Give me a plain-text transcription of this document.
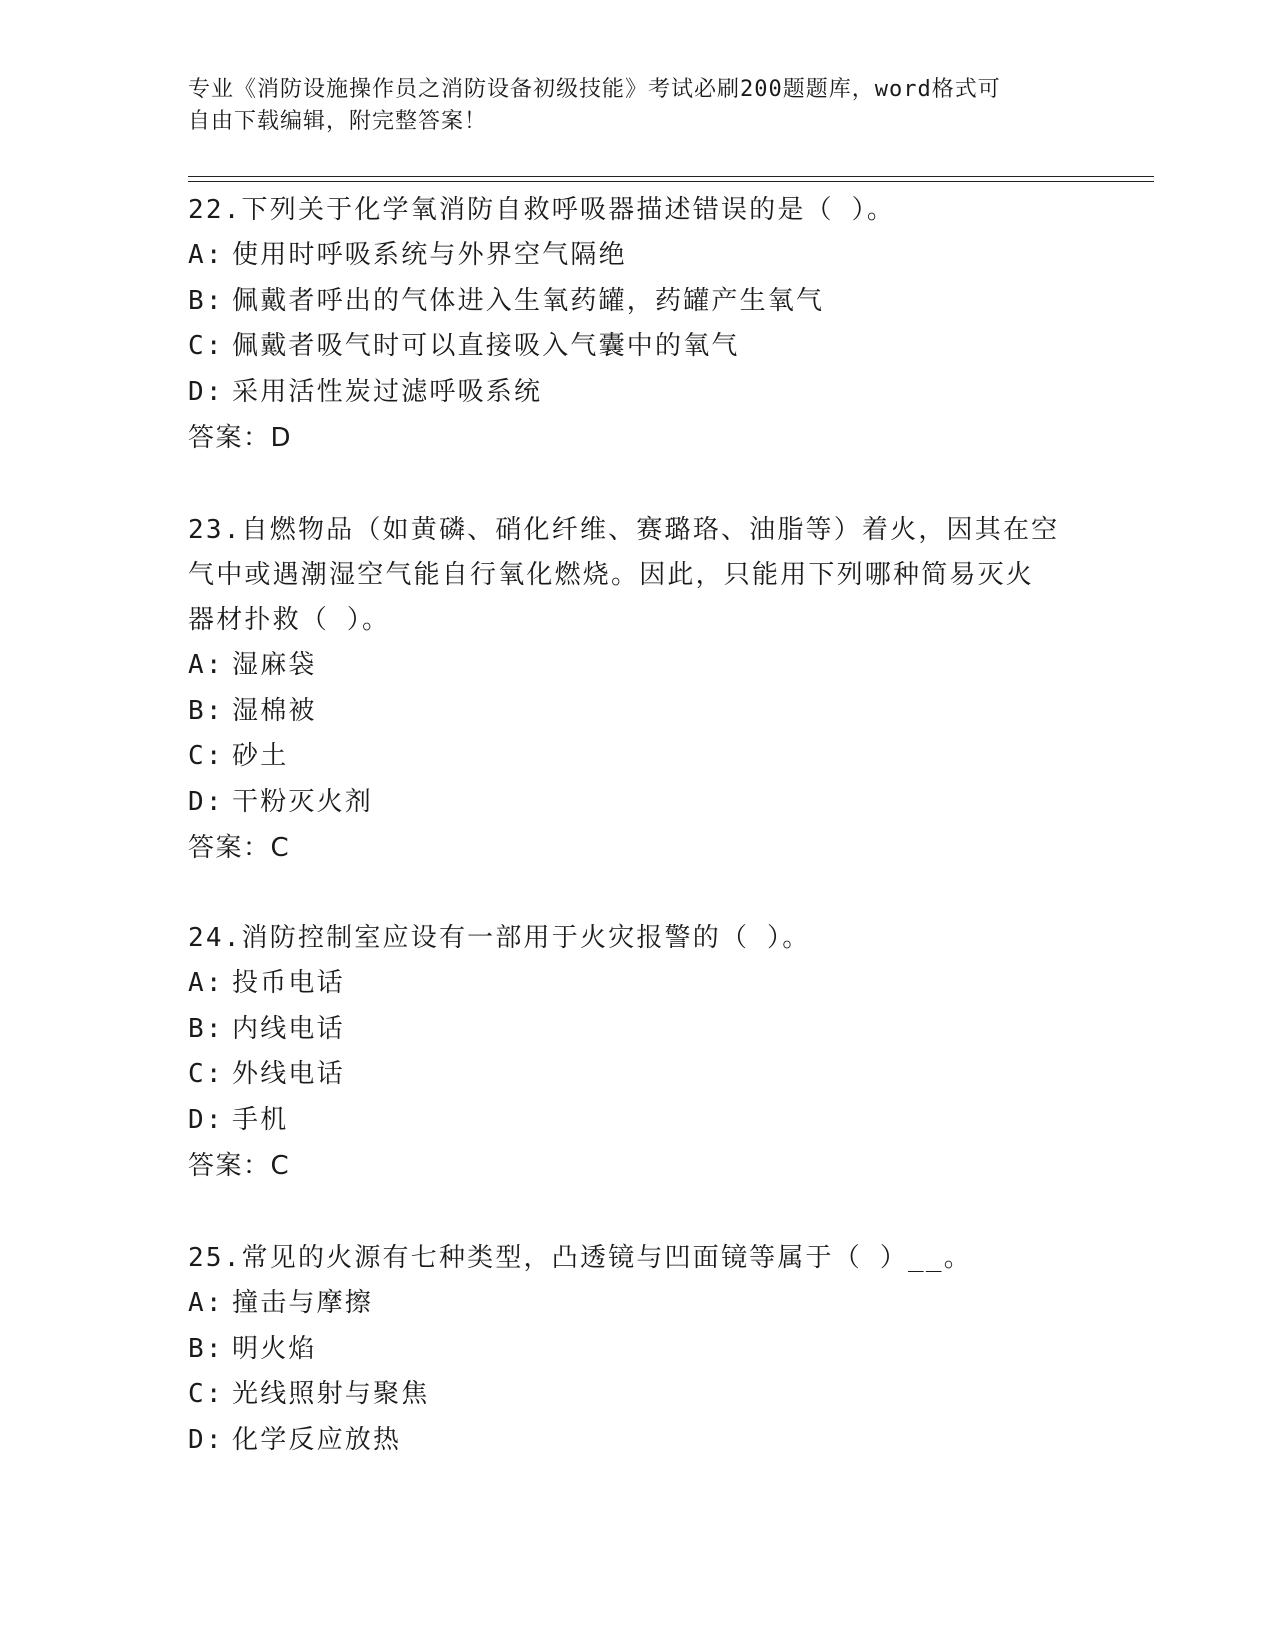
专业《消防设施操作员之消防设备初级技能》考试必刷200题题库，word格式可
自由下载编辑，附完整答案！

22.下列关于化学氧消防自救呼吸器描述错误的是（ ）。

A: 使用时呼吸系统与外界空气隔绝

B: 佩戴者呼出的气体进入生氧药罐，药罐产生氧气

C: 佩戴者吸气时可以直接吸入气囊中的氧气

D: 采用活性炭过滤呼吸系统

答案：D

23.自燃物品（如黄磷、硝化纤维、赛璐珞、油脂等）着火，因其在空

气中或遇潮湿空气能自行氧化燃烧。因此，只能用下列哪种简易灭火

器材扑救（ ）。

A: 湿麻袋

B: 湿棉被

C: 砂土

D: 干粉灭火剂

答案：C

24.消防控制室应设有一部用于火灾报警的（ ）。

A: 投币电话

B: 内线电话

C: 外线电话

D: 手机

答案：C

25.常见的火源有七种类型，凸透镜与凹面镜等属于（ ）__。

A: 撞击与摩擦

B: 明火焰

C: 光线照射与聚焦

D: 化学反应放热
